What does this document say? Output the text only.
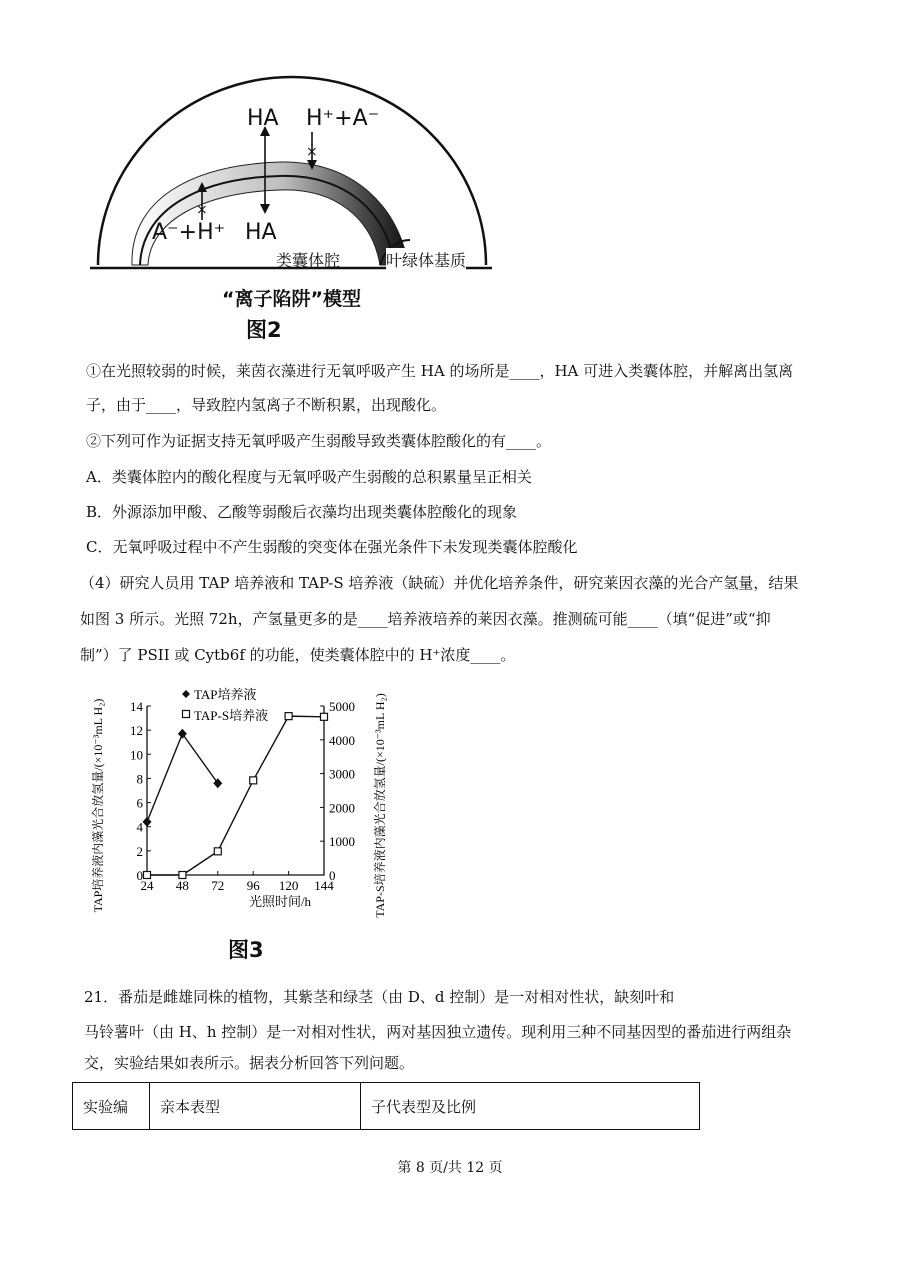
×
×
HA H⁺+A⁻
A⁻+H⁺ HA
类囊体腔	叶绿体基质
“离子陷阱”模型
图2
①在光照较弱的时候，莱茵衣藻进行无氧呼吸产生 HA 的场所是____，HA 可进入类囊体腔，并解离出氢离
子，由于____，导致腔内氢离子不断积累，出现酸化。
②下列可作为证据支持无氧呼吸产生弱酸导致类囊体腔酸化的有____。
A．类囊体腔内的酸化程度与无氧呼吸产生弱酸的总积累量呈正相关
B．外源添加甲酸、乙酸等弱酸后衣藻均出现类囊体腔酸化的现象
C．无氧呼吸过程中不产生弱酸的突变体在强光条件下未发现类囊体腔酸化
（4）研究人员用 TAP 培养液和 TAP-S 培养液（缺硫）并优化培养条件，研究莱因衣藻的光合产氢量，结果
如图 3 所示。光照 72h，产氢量更多的是____培养液培养的莱因衣藻。推测硫可能____（填“促进”或“抑
制”）了 PSII 或 Cytb6f 的功能，使类囊体腔中的 H⁺浓度____。
24 48 72 96 120 144
0
2
4
6
8
10
12
14
0
1000
2000
3000
4000
5000
光照时间/h
TAP培养液内藻光合放氢量/(×10⁻³mL H₂)	TAP-S培养液内藻光合放氢量/(×10⁻³mL H₂)
TAP培养液
TAP-S培养液
图3
21．番茄是雌雄同株的植物，其紫茎和绿茎（由 D、d 控制）是一对相对性状，缺刻叶和
马铃薯叶（由 H、h 控制）是一对相对性状，两对基因独立遗传。现利用三种不同基因型的番茄进行两组杂
交，实验结果如表所示。据表分析回答下列问题。
实验编	亲本表型	子代表型及比例
第 8 页/共 12 页
